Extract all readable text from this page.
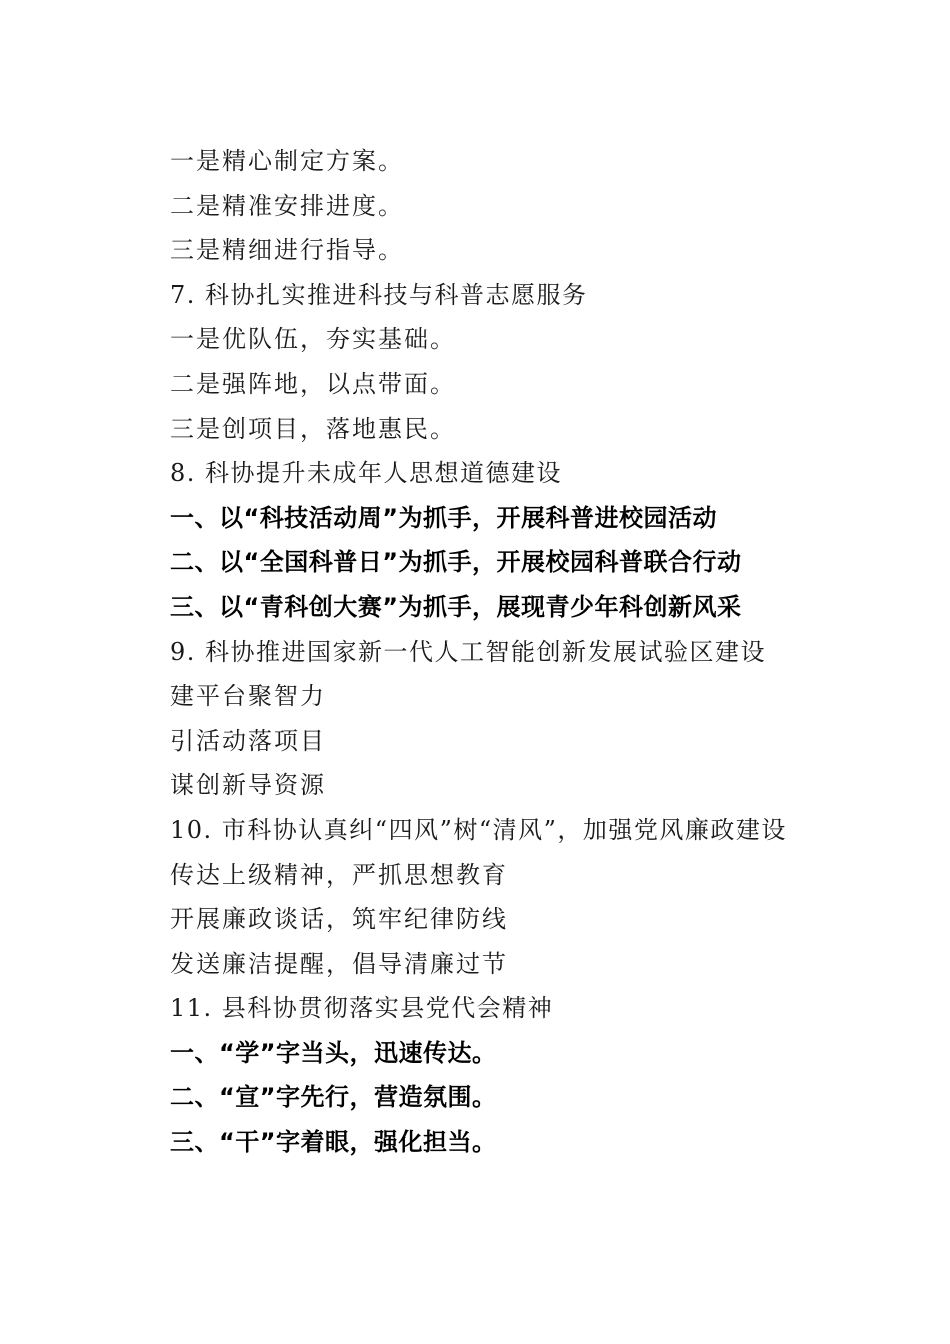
一是精心制定方案。
二是精准安排进度。
三是精细进行指导。
7. 科协扎实推进科技与科普志愿服务
一是优队伍，夯实基础。
二是强阵地，以点带面。
三是创项目，落地惠民。
8. 科协提升未成年人思想道德建设
一、以“科技活动周”为抓手，开展科普进校园活动
二、以“全国科普日”为抓手，开展校园科普联合行动
三、以“青科创大赛”为抓手，展现青少年科创新风采
9. 科协推进国家新一代人工智能创新发展试验区建设
建平台聚智力
引活动落项目
谋创新导资源
10. 市科协认真纠“四风”树“清风”，加强党风廉政建设
传达上级精神，严抓思想教育
开展廉政谈话，筑牢纪律防线
发送廉洁提醒，倡导清廉过节
11. 县科协贯彻落实县党代会精神
一、“学”字当头，迅速传达。
二、“宣”字先行，营造氛围。
三、“干”字着眼，强化担当。
